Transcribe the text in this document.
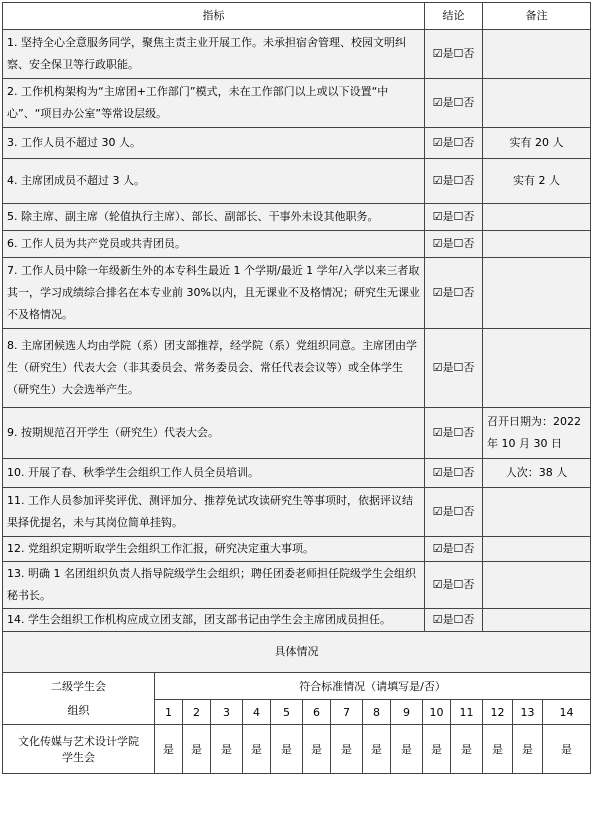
指标	结论	备注
1. 坚持全心全意服务同学，聚焦主责主业开展工作。未承担宿舍管理、校园文明纠察、安全保卫等行政职能。	☑是☐否	
2. 工作机构架构为“主席团+工作部门”模式，未在工作部门以上或以下设置“中心”、“项目办公室”等常设层级。	☑是☐否	
3. 工作人员不超过 30 人。	☑是☐否	实有 20 人
4. 主席团成员不超过 3 人。	☑是☐否	实有 2 人
5. 除主席、副主席（轮值执行主席）、部长、副部长、干事外未设其他职务。	☑是☐否	
6. 工作人员为共产党员或共青团员。	☑是☐否	
7. 工作人员中除一年级新生外的本专科生最近 1 个学期/最近 1 学年/入学以来三者取其一，学习成绩综合排名在本专业前 30%以内，且无课业不及格情况；研究生无课业不及格情况。	☑是☐否	
8. 主席团候选人均由学院（系）团支部推荐，经学院（系）党组织同意。主席团由学生（研究生）代表大会（非其委员会、常务委员会、常任代表会议等）或全体学生（研究生）大会选举产生。	☑是☐否	
9. 按期规范召开学生（研究生）代表大会。	☑是☐否	召开日期为：2022 年 10 月 30 日
10. 开展了春、秋季学生会组织工作人员全员培训。	☑是☐否	人次：38 人
11. 工作人员参加评奖评优、测评加分、推荐免试攻读研究生等事项时，依据评议结果择优提名，未与其岗位简单挂钩。	☑是☐否	
12. 党组织定期听取学生会组织工作汇报，研究决定重大事项。	☑是☐否	
13. 明确 1 名团组织负责人指导院级学生会组织；聘任团委老师担任院级学生会组织秘书长。	☑是☐否	
14. 学生会组织工作机构应成立团支部，团支部书记由学生会主席团成员担任。	☑是☐否	
具体情况		
二级学生会
组织	符合标准情况（请填写是/否）													
	1	2	3	4	5	6	7	8	9	10	11	12	13	14

文化传媒与艺术设计学院
学生会	是	是	是	是	是	是	是	是	是	是	是	是	是	是
